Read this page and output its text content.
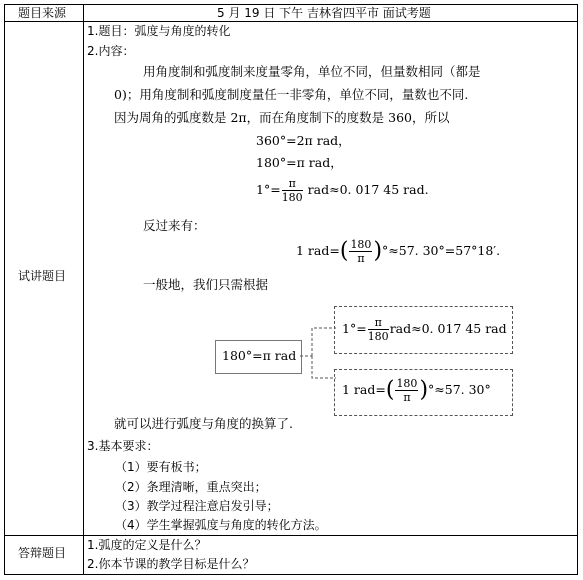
题目来源	5 月 19 日 下午 吉林省四平市 面试考题
试讲题目
1.题目：弧度与角度的转化
2.内容：
用角度制和弧度制来度量零角，单位不同，但量数相同（都是
0)；用角度制和弧度制度量任一非零角，单位不同，量数也不同.
因为周角的弧度数是 2π，而在角度制下的度数是 360，所以
360°=2π rad，
180°=π rad，
$1^\circ= \frac{\pi}{180} rad\approx 0$. 017 45 rad.
反过来有：
1 $rad=( \frac{180}{\pi} )^\circ\approx 57$. 30°=57°18′.
一般地，我们只需根据
180°=π rad
$1^\circ= \frac{\pi}{180} rad\approx 0$. 017 45 rad
1 $rad=( \frac{180}{\pi} )^\circ\approx 57$. 30°
就可以进行弧度与角度的换算了.
3.基本要求：
（1）要有板书；
（2）条理清晰，重点突出；
（3）教学过程注意启发引导；
（4）学生掌握弧度与角度的转化方法。
答辩题目
1.弧度的定义是什么？
2.你本节课的教学目标是什么？
